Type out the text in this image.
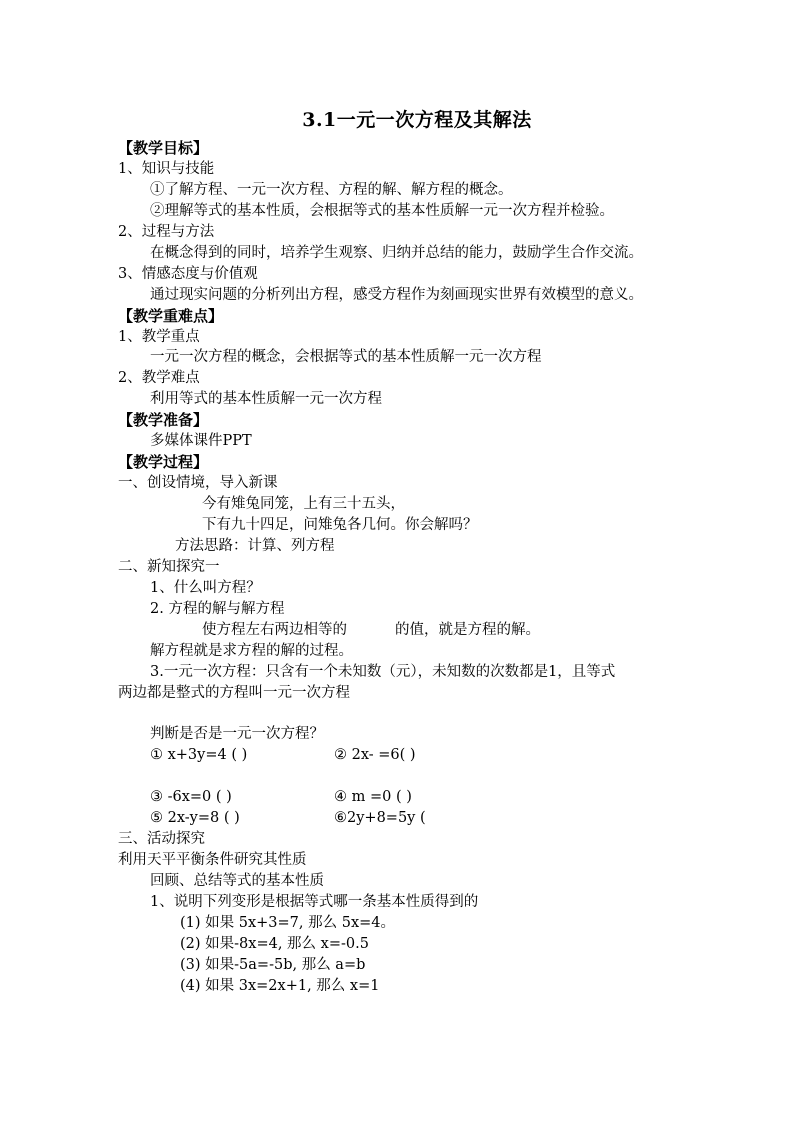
3.1一元一次方程及其解法
【教学目标】
1、知识与技能
①了解方程、一元一次方程、方程的解、解方程的概念。
②理解等式的基本性质，会根据等式的基本性质解一元一次方程并检验。
2、过程与方法
在概念得到的同时，培养学生观察、归纳并总结的能力，鼓励学生合作交流。
3、情感态度与价值观
通过现实问题的分析列出方程，感受方程作为刻画现实世界有效模型的意义。
【教学重难点】
1、教学重点
一元一次方程的概念，会根据等式的基本性质解一元一次方程
2、教学难点
利用等式的基本性质解一元一次方程
【教学准备】
多媒体课件PPT
【教学过程】
一、创设情境，导入新课
今有雉兔同笼，上有三十五头，
下有九十四足，问雉兔各几何。你会解吗？
方法思路：计算、列方程
二、新知探究一
1、什么叫方程？
2. 方程的解与解方程
使方程左右两边相等的	的值，就是方程的解。
解方程就是求方程的解的过程。
3.一元一次方程：只含有一个未知数（元），未知数的次数都是1，且等式
两边都是整式的方程叫一元一次方程
判断是否是一元一次方程？
① x+3y=4 ( )	② 2x- =6( )
③ -6x=0 ( )	④ m =0 ( )
⑤ 2x-y=8 ( )	⑥2y+8=5y (
三、活动探究
利用天平平衡条件研究其性质
回顾、总结等式的基本性质
1、说明下列变形是根据等式哪一条基本性质得到的
(1) 如果 5x+3=7, 那么 5x=4。
(2) 如果-8x=4, 那么 x=-0.5
(3) 如果-5a=-5b, 那么 a=b
(4) 如果 3x=2x+1, 那么 x=1
